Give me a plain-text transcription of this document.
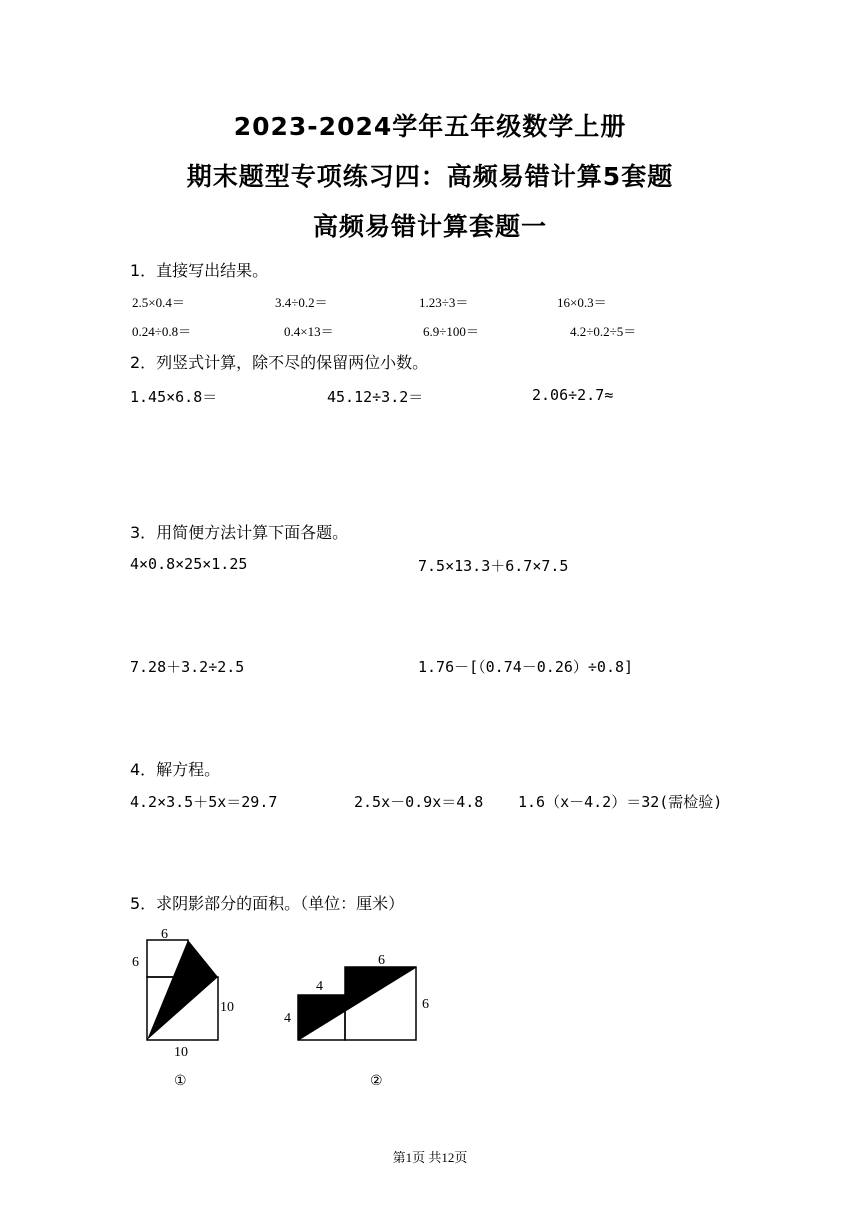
2023-2024学年五年级数学上册
期末题型专项练习四：高频易错计算5套题
高频易错计算套题一
1．直接写出结果。
2.5×0.4＝	3.4÷0.2＝	1.23÷3＝	16×0.3＝
0.24÷0.8＝	0.4×13＝	6.9÷100＝	4.2÷0.2÷5＝
2．列竖式计算，除不尽的保留两位小数。
1.45×6.8＝	45.12÷3.2＝	2.06÷2.7≈
3．用简便方法计算下面各题。
4×0.8×25×1.25	7.5×13.3＋6.7×7.5
7.28＋3.2÷2.5	1.76－[（0.74－0.26）÷0.8]
4．解方程。
4.2×3.5＋5x＝29.7	2.5x－0.9x＝4.8 1.6（x－4.2）＝32(需检验)
5．求阴影部分的面积。（单位：厘米）
6
6
10
10
①
4
4
6
6
②
第1页 共12页
